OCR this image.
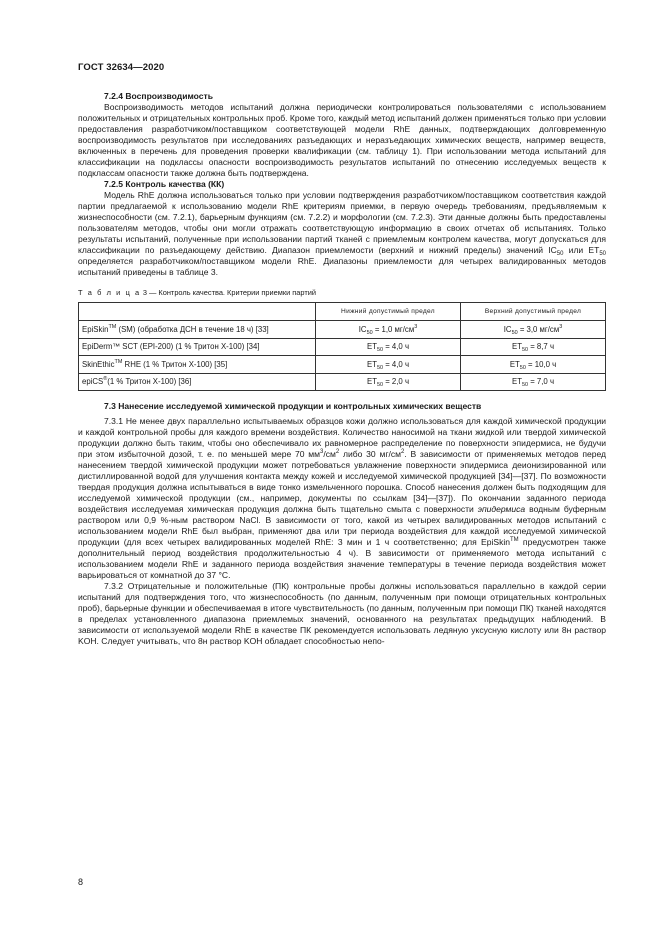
ГОСТ 32634—2020
7.2.4 Воспроизводимость

Воспроизводимость методов испытаний должна периодически контролироваться пользователями с использованием положительных и отрицательных контрольных проб. Кроме того, каждый метод испытаний должен применяться только при условии предоставления разработчиком/поставщиком соответствующей модели RhE данных, подтверждающих долговременную воспроизводимость результатов при исследованиях разъедающих и неразъедающих химических веществ, например веществ, включенных в перечень для проведения проверки квалификации (см. таблицу 1). При использовании метода испытаний для классификации на подклассы опасности воспроизводимость результатов испытаний по отнесению исследуемых веществ к подклассам опасности также должна быть подтверждена.

7.2.5 Контроль качества (КК)

Модель RhE должна использоваться только при условии подтверждения разработчиком/поставщиком соответствия каждой партии предлагаемой к использованию модели RhE критериям приемки, в первую очередь требованиям, предъявляемым к жизнеспособности (см. 7.2.1), барьерным функциям (см. 7.2.2) и морфологии (см. 7.2.3). Эти данные должны быть предоставлены пользователям методов, чтобы они могли отражать соответствующую информацию в своих отчетах об испытаниях. Только результаты испытаний, полученные при использовании партий тканей с приемлемым контролем качества, могут допускаться для классификации по разъедающему действию. Диапазон приемлемости (верхний и нижний пределы) значений $IC_{50}$ или $ET_{50}$ определяется разработчиком/поставщиком модели RhE. Диапазоны приемлемости для четырех валидированных методов испытаний приведены в таблице 3.

Т а б л и ц а 3 — Контроль качества. Критерии приемки партий
	Нижний допустимый предел	Верхний допустимый предел
EpiSkin™ (SM) (обработка ДСН в течение 18 ч) [33]	$IC_{50} = 1,0$ $мг/см^3$	$IC_{50} = 3,0$ $мг/см^3$
EpiDerm™ SCT (EPI-200) (1 % Тритон X-100) [34]	$ET_{50} = 4,0$ ч	$ET_{50} = 8,7$ ч
SkinEthic™ RHE (1 % Тритон X-100) [35]	$ET_{50} = 4,0$ ч	$ET_{50} = 10,0$ ч
epiCS®(1 % Тритон X-100) [36]	$ET_{50} = 2,0$ ч	$ET_{50} = 7,0$ ч
7.3 Нанесение исследуемой химической продукции и контрольных химических веществ

7.3.1 Не менее двух параллельно испытываемых образцов кожи должно использоваться для каждой химической продукции и каждой контрольной пробы для каждого времени воздействия. Количество наносимой на ткани жидкой или твердой химической продукции должно быть таким, чтобы оно обеспечивало их равномерное распределение по поверхности эпидермиса, не будучи при этом избыточной дозой, т. е. по меньшей мере 70 $мм^3/см^2$ либо 30 $мг/см^2$. В зависимости от применяемых методов перед нанесением твердой химической продукции может потребоваться увлажнение поверхности эпидермиса деионизированной или дистиллированной водой для улучшения контакта между кожей и исследуемой химической продукцией [34]—[37]. По возможности твердая продукция должна испытываться в виде тонко измельченного порошка. Способ нанесения должен быть подходящим для исследуемой химической продукции (см., например, документы по ссылкам [34]—[37]). По окончании заданного периода воздействия исследуемая химическая продукция должна быть тщательно смыта с поверхности эпидермиса водным буферным раствором или 0,9 %-ным раствором NaCl. В зависимости от того, какой из четырех валидированных методов испытаний с использованием модели RhE был выбран, применяют два или три периода воздействия для каждой исследуемой химической продукции (для всех четырех валидированных моделей RhE: 3 мин и 1 ч соответственно; для EpiSkin™ предусмотрен также дополнительный период воздействия продолжительностью 4 ч). В зависимости от применяемого метода испытаний с использованием модели RhE и заданного периода воздействия значение температуры в течение периода воздействия может варьироваться от комнатной до 37 °C.

7.3.2 Отрицательные и положительные (ПК) контрольные пробы должны использоваться параллельно в каждой серии испытаний для подтверждения того, что жизнеспособность (по данным, полученным при помощи отрицательных контрольных проб), барьерные функции и обеспечиваемая в итоге чувствительность (по данным, полученным при помощи ПК) тканей находятся в пределах установленного диапазона приемлемых значений, основанного на результатах предыдущих наблюдений. В зависимости от используемой модели RhE в качестве ПК рекомендуется использовать ледяную уксусную кислоту или 8н раствор KOH. Следует учитывать, что 8н раствор KOH обладает способностью непо-

8
